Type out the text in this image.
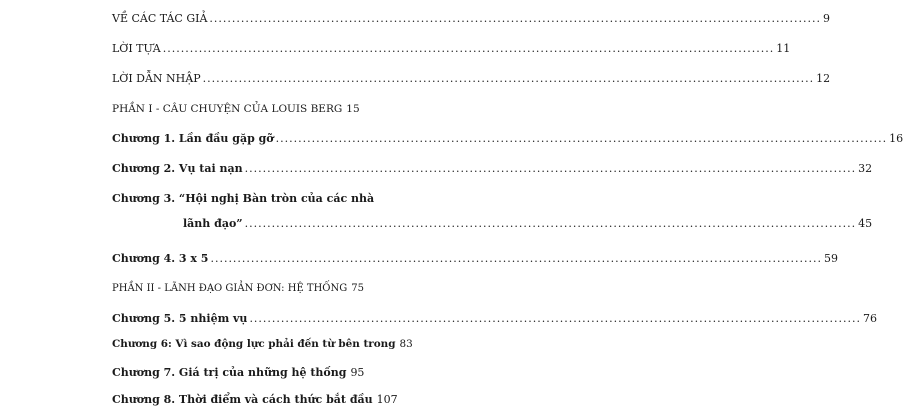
VỀ CÁC TÁC GIẢ .....	9
LỜI TỰA .....	11
LỜI DẪN NHẬP .....	12
PHẦN I - CÂU CHUYỆN CỦA LOUIS BERG 15
Chương 1. Lần đầu gặp gỡ .....	16
Chương 2. Vụ tai nạn .....	32
Chương 3. “Hội nghị Bàn tròn của các nhà
lãnh đạo” .....	45
Chương 4. 3 x 5 .....	59
PHẦN II - LÃNH ĐẠO GIẢN ĐƠN: HỆ THỐNG 75
Chương 5. 5 nhiệm vụ .....	76
Chương 6: Vì sao động lực phải đến từ bên trong 83
Chương 7. Giá trị của những hệ thống 95
Chương 8. Thời điểm và cách thức bắt đầu 107
